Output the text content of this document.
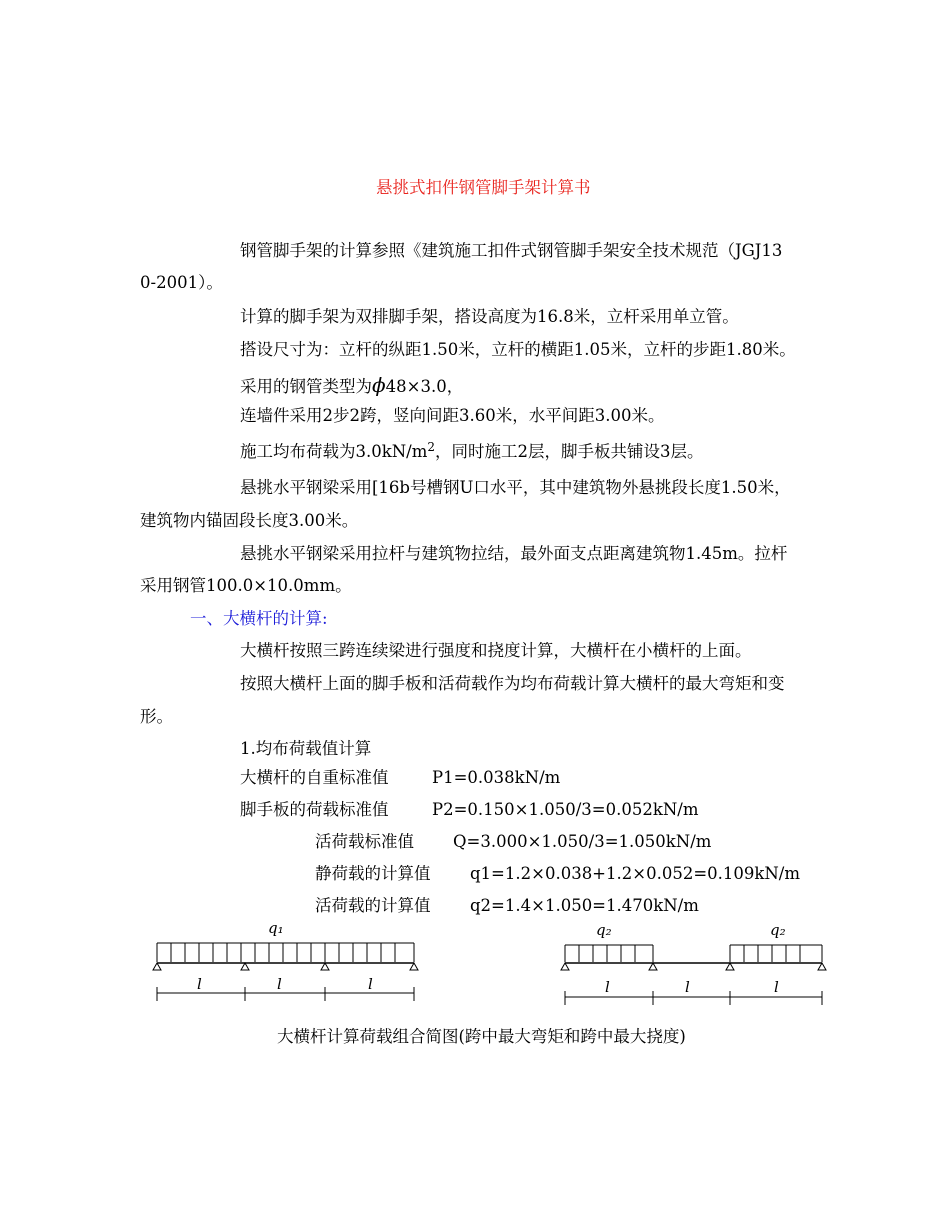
悬挑式扣件钢管脚手架计算书
钢管脚手架的计算参照《建筑施工扣件式钢管脚手架安全技术规范（JGJ13
0-2001）。
计算的脚手架为双排脚手架，搭设高度为16.8米，立杆采用单立管。
搭设尺寸为：立杆的纵距1.50米，立杆的横距1.05米，立杆的步距1.80米。
采用的钢管类型为ϕ48×3.0，
连墙件采用2步2跨，竖向间距3.60米，水平间距3.00米。
施工均布荷载为$3.0kN/m^2$，同时施工2层，脚手板共铺设3层。
悬挑水平钢梁采用[16b号槽钢U口水平，其中建筑物外悬挑段长度1.50米，
建筑物内锚固段长度3.00米。
悬挑水平钢梁采用拉杆与建筑物拉结，最外面支点距离建筑物1.45m。拉杆
采用钢管100.0×10.0mm。
一、大横杆的计算:
大横杆按照三跨连续梁进行强度和挠度计算，大横杆在小横杆的上面。
按照大横杆上面的脚手板和活荷载作为均布荷载计算大横杆的最大弯矩和变
形。
1.均布荷载值计算
大横杆的自重标准值	P1=0.038kN/m
脚手板的荷载标准值	P2=0.150×1.050/3=0.052kN/m
活荷载标准值 Q=3.000×1.050/3=1.050kN/m
静荷载的计算值 q1=1.2×0.038+1.2×0.052=0.109kN/m
活荷载的计算值 q2=1.4×1.050=1.470kN/m
q₁
l	l	l
q₂	q₂
l	l	l
大横杆计算荷载组合简图(跨中最大弯矩和跨中最大挠度)
